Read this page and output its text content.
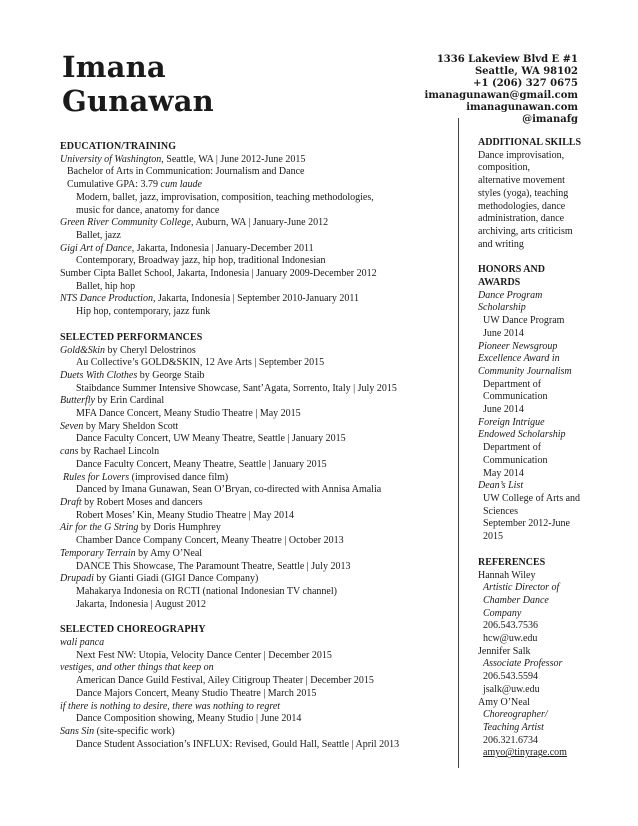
Imana
Gunawan
1336 Lakeview Blvd E #1
Seattle, WA 98102
+1 (206) 327 0675
imanagunawan@gmail.com
imanagunawan.com
@imanafg
EDUCATION/TRAINING
University of Washington, Seattle, WA | June 2012-June 2015
Bachelor of Arts in Communication: Journalism and Dance
Cumulative GPA: 3.79 cum laude
Modern, ballet, jazz, improvisation, composition, teaching methodologies,
music for dance, anatomy for dance
Green River Community College, Auburn, WA | January-June 2012
Ballet, jazz
Gigi Art of Dance, Jakarta, Indonesia | January-December 2011
Contemporary, Broadway jazz, hip hop, traditional Indonesian
Sumber Cipta Ballet School, Jakarta, Indonesia | January 2009-December 2012
Ballet, hip hop
NTS Dance Production, Jakarta, Indonesia | September 2010-January 2011
Hip hop, contemporary, jazz funk
SELECTED PERFORMANCES
Gold&Skin by Cheryl Delostrinos
Au Collective’s GOLD&SKIN, 12 Ave Arts | September 2015
Duets With Clothes by George Staib
Staibdance Summer Intensive Showcase, Sant’Agata, Sorrento, Italy | July 2015
Butterfly by Erin Cardinal
MFA Dance Concert, Meany Studio Theatre | May 2015
Seven by Mary Sheldon Scott
Dance Faculty Concert, UW Meany Theatre, Seattle | January 2015
cans by Rachael Lincoln
Dance Faculty Concert, Meany Theatre, Seattle | January 2015
Rules for Lovers (improvised dance film)
Danced by Imana Gunawan, Sean O’Bryan, co-directed with Annisa Amalia
Draft by Robert Moses and dancers
Robert Moses’ Kin, Meany Studio Theatre | May 2014
Air for the G String by Doris Humphrey
Chamber Dance Company Concert, Meany Theatre | October 2013
Temporary Terrain by Amy O’Neal
DANCE This Showcase, The Paramount Theatre, Seattle | July 2013
Drupadi by Gianti Giadi (GIGI Dance Company)
Mahakarya Indonesia on RCTI (national Indonesian TV channel)
Jakarta, Indonesia | August 2012
SELECTED CHOREOGRAPHY
wali panca
Next Fest NW: Utopia, Velocity Dance Center | December 2015
vestiges, and other things that keep on
American Dance Guild Festival, Ailey Citigroup Theater | December 2015
Dance Majors Concert, Meany Studio Theatre | March 2015
if there is nothing to desire, there was nothing to regret
Dance Composition showing, Meany Studio | June 2014
Sans Sin (site-specific work)
Dance Student Association’s INFLUX: Revised, Gould Hall, Seattle | April 2013
ADDITIONAL SKILLS
Dance improvisation,
composition,
alternative movement
styles (yoga), teaching
methodologies, dance
administration, dance
archiving, arts criticism
and writing
HONORS AND
AWARDS
Dance Program
Scholarship
UW Dance Program
June 2014
Pioneer Newsgroup
Excellence Award in
Community Journalism
Department of
Communication
June 2014
Foreign Intrigue
Endowed Scholarship
Department of
Communication
May 2014
Dean’s List
UW College of Arts and
Sciences
September 2012-June
2015
REFERENCES
Hannah Wiley
Artistic Director of
Chamber Dance
Company
206.543.7536
hcw@uw.edu
Jennifer Salk
Associate Professor
206.543.5594
jsalk@uw.edu
Amy O’Neal
Choreographer/
Teaching Artist
206.321.6734
amyo@tinyrage.com
